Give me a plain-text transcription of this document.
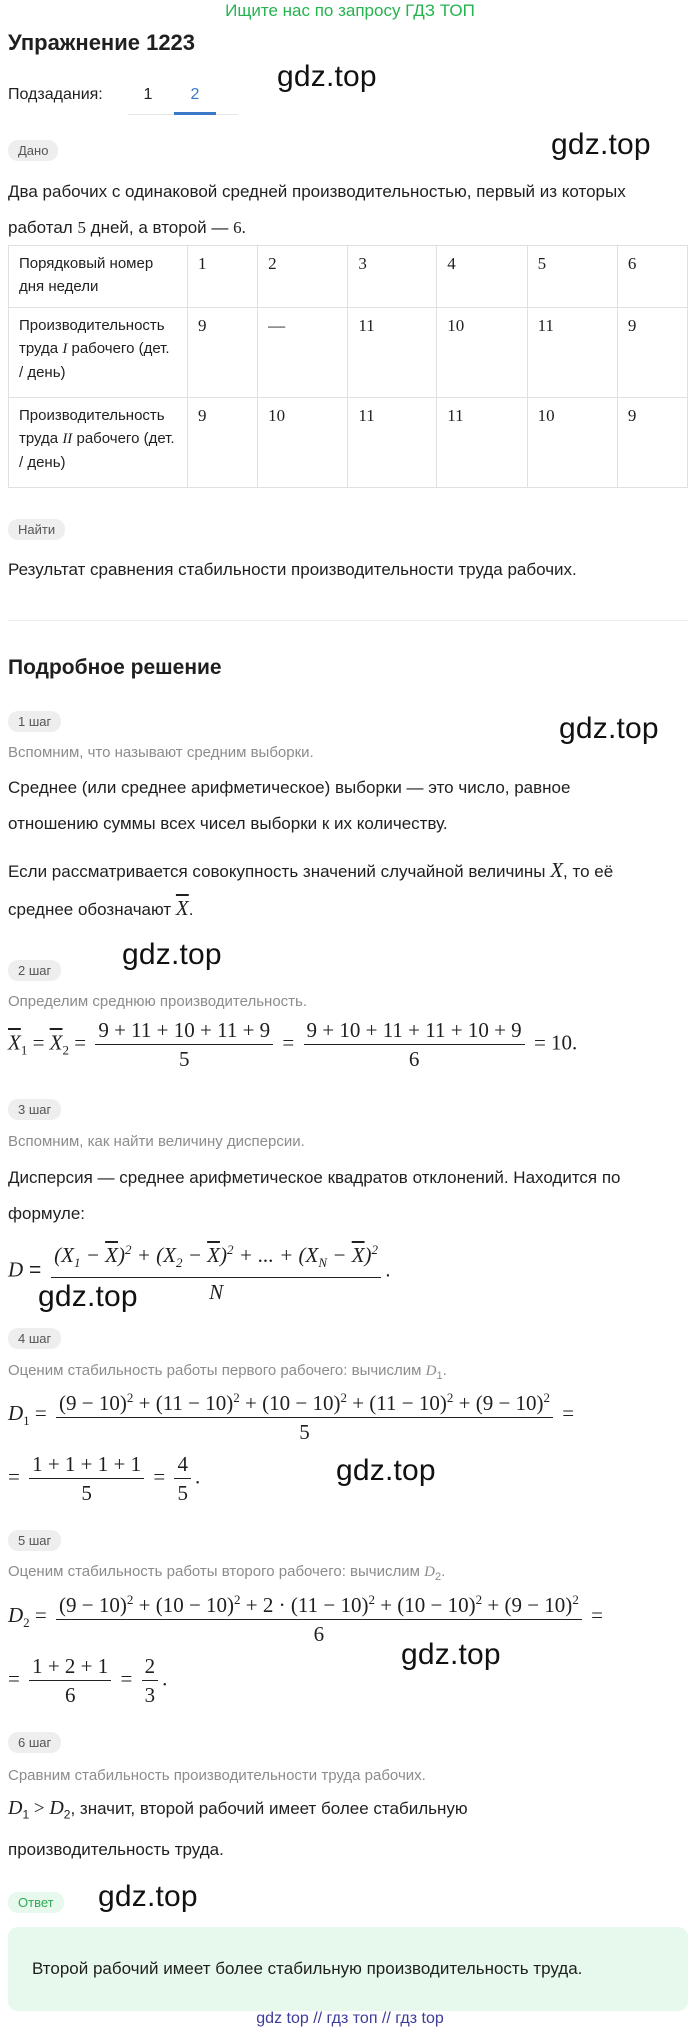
Ищите нас по запросу ГДЗ ТОП
Упражнение 1223
Подзадания:	1	2
gdz.top
gdz.top
gdz.top
gdz.top
gdz.top
gdz.top
gdz.top
gdz.top
Дано
Два рабочих с одинаковой средней производительностью, первый из которых
работал 5 дней, а второй — 6.
Порядковый номер дня недели	1	2	3	4	5	6
Производительность труда I рабочего (дет. / день)	9	—	11	10	11	9
Производительность труда II рабочего (дет. / день)	9	10	11	11	10	9
Найти
Результат сравнения стабильности производительности труда рабочих.
Подробное решение
1 шаг
Вспомним, что называют средним выборки.
Среднее (или среднее арифметическое) выборки — это число, равное
отношению суммы всех чисел выборки к их количеству.
Если рассматривается совокупность значений случайной величины X, то её
среднее обозначают $\overline{X}$.
2 шаг
Определим среднюю производительность.
$\overline{X}_1 = \overline{X}_2 = \frac{9 + 11 + 10 + 11 + 9}{5} = \frac{9 + 10 + 11 + 11 + 10 + 9}{6} = 10$.
3 шаг
Вспомним, как найти величину дисперсии.
Дисперсия — среднее арифметическое квадратов отклонений. Находится по
формуле:
$D = \frac{(X_1 - \overline{X})^2 + (X_2 - \overline{X})^2 + ... + (X_N - \overline{X})^2}{N}$ .
4 шаг
Оценим стабильность работы первого рабочего: вычислим $D_1$.
$D_1 = \frac{(9 - 10)^2 + (11 - 10)^2 + (10 - 10)^2 + (11 - 10)^2 + (9 - 10)^2}{5}$ =
= $\frac{1 + 1 + 1 + 1}{5} = \frac{4}{5}$ .
5 шаг
Оценим стабильность работы второго рабочего: вычислим $D_2$.
$D_2 = (9 - 10)^2 + (10 - 10)^2 + 2 \cdot (11 - 10)^2 + (10 - 10)^2 + (9 - 10)^2$
6
=
= $\frac{1 + 2 + 1}{6} = \frac{2}{3}$ .
6 шаг
Сравним стабильность производительности труда рабочих.
$D_1 > D_2$, значит, второй рабочий имеет более стабильную
производительность труда.
Ответ
Второй рабочий имеет более стабильную производительность труда.
gdz top // гдз топ // гдз top
